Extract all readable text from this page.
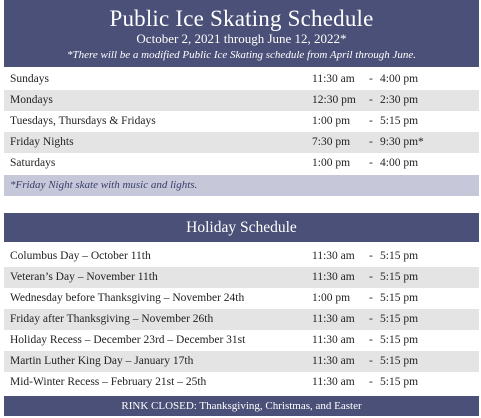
Public Ice Skating Schedule
October 2, 2021 through June 12, 2022*
*There will be a modified Public Ice Skating schedule from April through June.
Sundays	11:30 am - 4:00 pm
Mondays	12:30 pm - 2:30 pm
Tuesdays, Thursdays & Fridays	1:00 pm - 5:15 pm
Friday Nights	7:30 pm - 9:30 pm*
Saturdays	1:00 pm - 4:00 pm
*Friday Night skate with music and lights.
Holiday Schedule
Columbus Day – October 11th	11:30 am - 5:15 pm
Veteran’s Day – November 11th	11:30 am - 5:15 pm
Wednesday before Thanksgiving – November 24th	1:00 pm - 5:15 pm
Friday after Thanksgiving – November 26th	11:30 am - 5:15 pm
Holiday Recess – December 23rd – December 31st	11:30 am - 5:15 pm
Martin Luther King Day – January 17th	11:30 am - 5:15 pm
Mid-Winter Recess – February 21st – 25th	11:30 am - 5:15 pm
RINK CLOSED: Thanksgiving, Christmas, and Easter
